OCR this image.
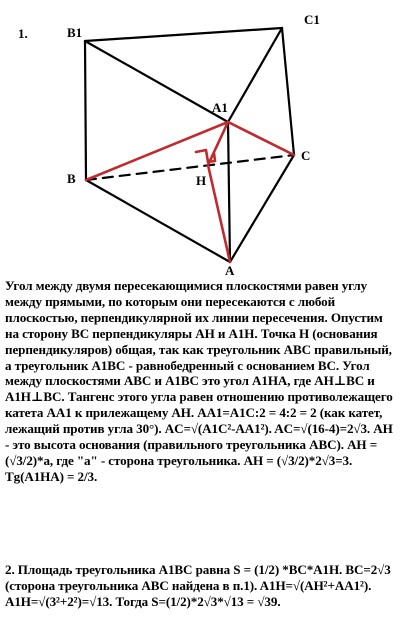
1.	B1
C1
A1
B
C
H
A

Угол между двумя пересекающимися плоскостями равен углу между прямыми, по которым они пересекаются с любой плоскостью, перпендикулярной их линии пересечения. Опустим на сторону ВС перпендикуляры АН и А1Н. Точка Н (основания перпендикуляров) общая, так как треугольник АВС правильный, а треугольник А1ВС - равнобедренный с основанием ВС. Угол между плоскостями АВС и А1ВС это угол А1НА, где АН⊥ВС и А1Н⊥ВС. Тангенс этого угла равен отношению противолежащего катета АА1 к прилежащему АН. АА1=А1С:2 = 4:2 = 2 (как катет, лежащий против угла 30°). AC=√(A1C²-AA1²). AC=√(16-4)=2√3. АН - это высота основания (правильного треугольника АВС). АН = (√3/2)*а, где "а" - сторона треугольника. АН = (√3/2)*2√3=3. Tg(A1HA) = 2/3.

2. Площадь треугольника А1ВС равна S = (1/2) *BC*A1H. BC=2√3 (сторона треугольника АВС найдена в п.1). A1H=√(AH²+AA1²). A1H=√(3²+2²)=√13. Тогда S=(1/2)*2√3*√13 = √39.
